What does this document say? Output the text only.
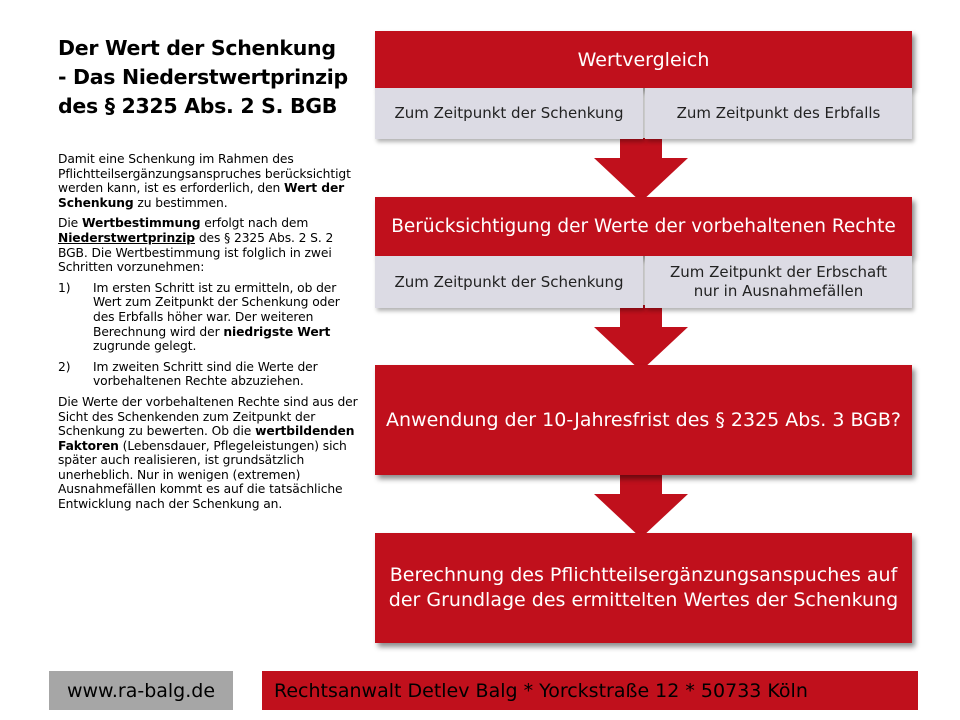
Der Wert der Schenkung
- Das Niederstwertprinzip
des § 2325 Abs. 2 S. BGB

Damit eine Schenkung im Rahmen des Pflichtteilsergänzungsanspruches berücksichtigt werden kann, ist es erforderlich, den Wert der Schenkung zu bestimmen.

Die Wertbestimmung erfolgt nach dem Niederstwertprinzip des § 2325 Abs. 2 S. 2 BGB. Die Wertbestimmung ist folglich in zwei Schritten vorzunehmen:

1) Im ersten Schritt ist zu ermitteln, ob der Wert zum Zeitpunkt der Schenkung oder des Erbfalls höher war. Der weiteren Berechnung wird der niedrigste Wert zugrunde gelegt.
2) Im zweiten Schritt sind die Werte der vorbehaltenen Rechte abzuziehen.

Die Werte der vorbehaltenen Rechte sind aus der Sicht des Schenkenden zum Zeitpunkt der Schenkung zu bewerten. Ob die wertbildenden Faktoren (Lebensdauer, Pflegeleistungen) sich später auch realisieren, ist grundsätzlich unerheblich. Nur in wenigen (extremen) Ausnahmefällen kommt es auf die tatsächliche Entwicklung nach der Schenkung an.

Wertvergleich
Zum Zeitpunkt der Schenkung	Zum Zeitpunkt des Erbfalls
Berücksichtigung der Werte der vorbehaltenen Rechte
Zum Zeitpunkt der Schenkung
Zum Zeitpunkt der Erbschaft
nur in Ausnahmefällen
Anwendung der 10-Jahresfrist des § 2325 Abs. 3 BGB?
Berechnung des Pflichtteilsergänzungsanspuches auf
der Grundlage des ermittelten Wertes der Schenkung
www.ra-balg.de	Rechtsanwalt Detlev Balg * Yorckstraße 12 * 50733 Köln
